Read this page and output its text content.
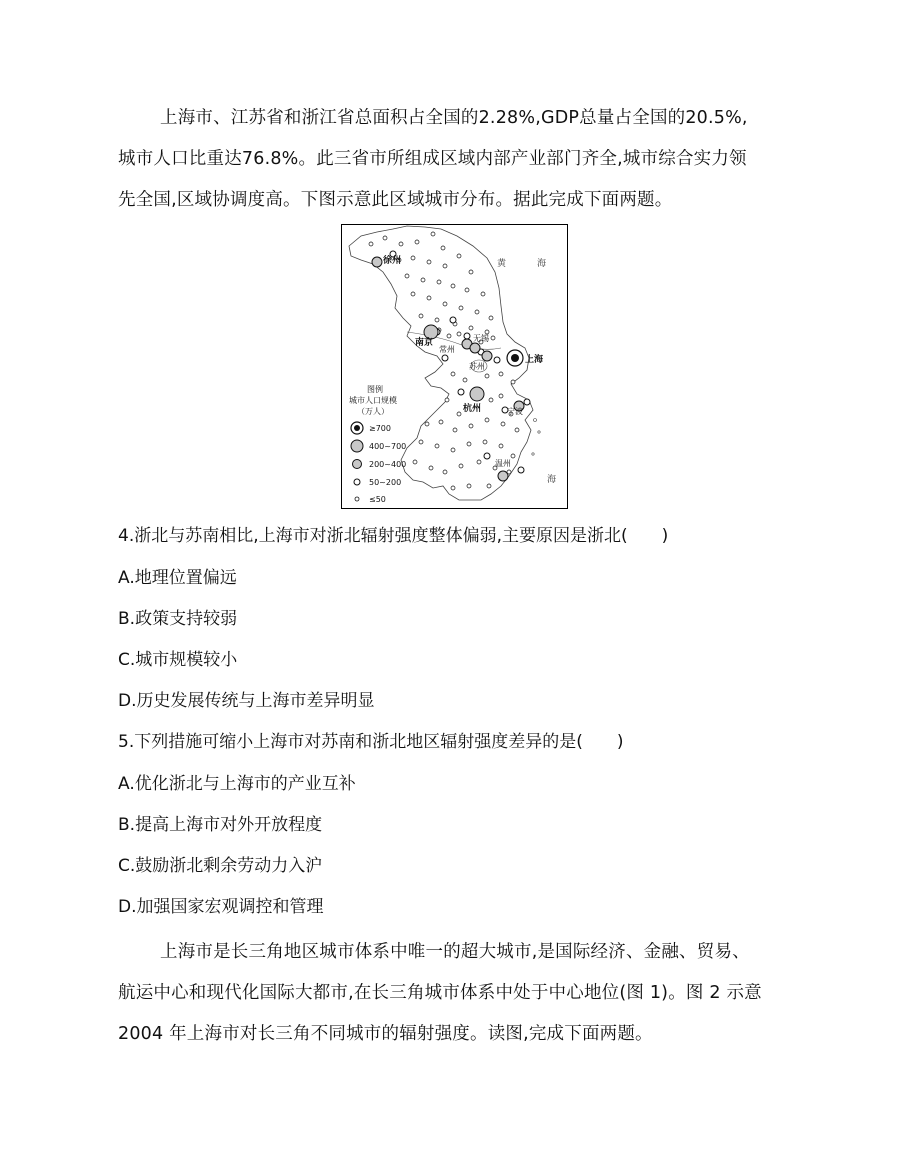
上海市、江苏省和浙江省总面积占全国的2.28%,GDP总量占全国的20.5%,

城市人口比重达76.8%。此三省市所组成区域内部产业部门齐全,城市综合实力领

先全国,区域协调度高。下图示意此区域城市分布。据此完成下面两题。

徐州
南京
常州
无锡
苏州
上海
杭州	宁波
温州
黄	海
海
图例
城市人口规模
（万人）
≥700
400~700
200~400
50~200
≤50
4.浙北与苏南相比,上海市对浙北辐射强度整体偏弱,主要原因是浙北(　　)
A.地理位置偏远
B.政策支持较弱
C.城市规模较小
D.历史发展传统与上海市差异明显
5.下列措施可缩小上海市对苏南和浙北地区辐射强度差异的是(　　)
A.优化浙北与上海市的产业互补
B.提高上海市对外开放程度
C.鼓励浙北剩余劳动力入沪
D.加强国家宏观调控和管理

上海市是长三角地区城市体系中唯一的超大城市,是国际经济、金融、贸易、

航运中心和现代化国际大都市,在长三角城市体系中处于中心地位(图 1)。图 2 示意

2004 年上海市对长三角不同城市的辐射强度。读图,完成下面两题。
